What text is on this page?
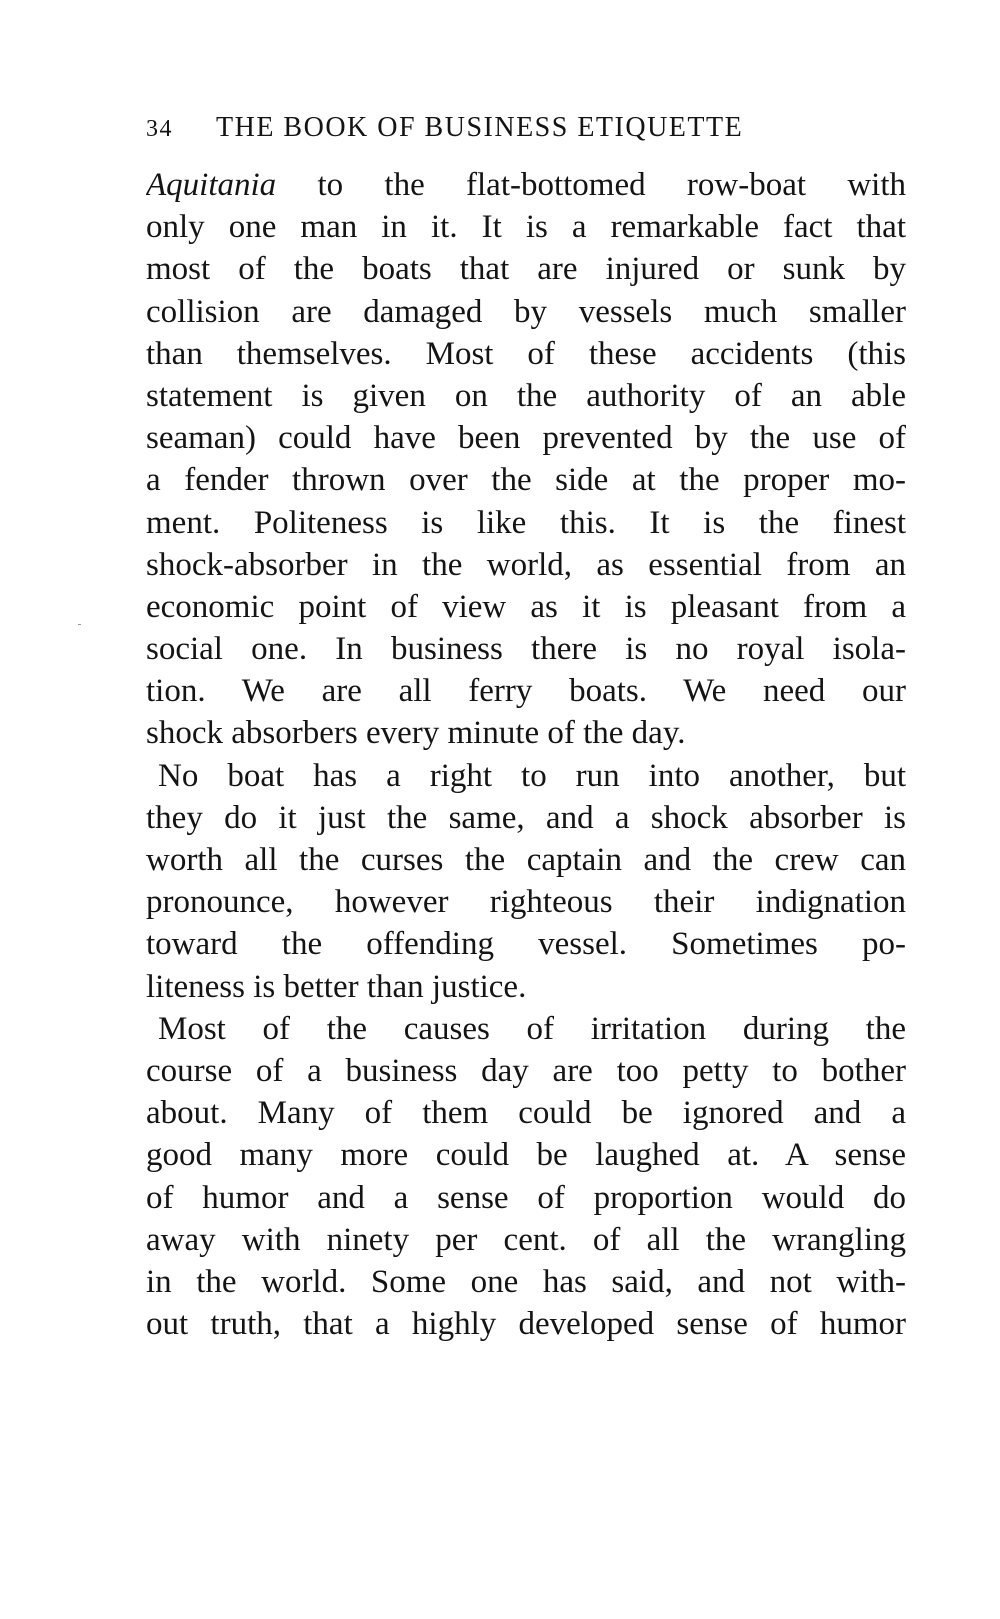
34 THE BOOK OF BUSINESS ETIQUETTE
Aquitania to the flat-bottomed row-boat with
only one man in it. It is a remarkable fact that
most of the boats that are injured or sunk by
collision are damaged by vessels much smaller
than themselves. Most of these accidents (this
statement is given on the authority of an able
seaman) could have been prevented by the use of
a fender thrown over the side at the proper mo-
ment. Politeness is like this. It is the finest
shock-absorber in the world, as essential from an
economic point of view as it is pleasant from a
social one. In business there is no royal isola-
tion. We are all ferry boats. We need our
shock absorbers every minute of the day.
No boat has a right to run into another, but
they do it just the same, and a shock absorber is
worth all the curses the captain and the crew can
pronounce, however righteous their indignation
toward the offending vessel. Sometimes po-
liteness is better than justice.
Most of the causes of irritation during the
course of a business day are too petty to bother
about. Many of them could be ignored and a
good many more could be laughed at. A sense
of humor and a sense of proportion would do
away with ninety per cent. of all the wrangling
in the world. Some one has said, and not with-
out truth, that a highly developed sense of humor
